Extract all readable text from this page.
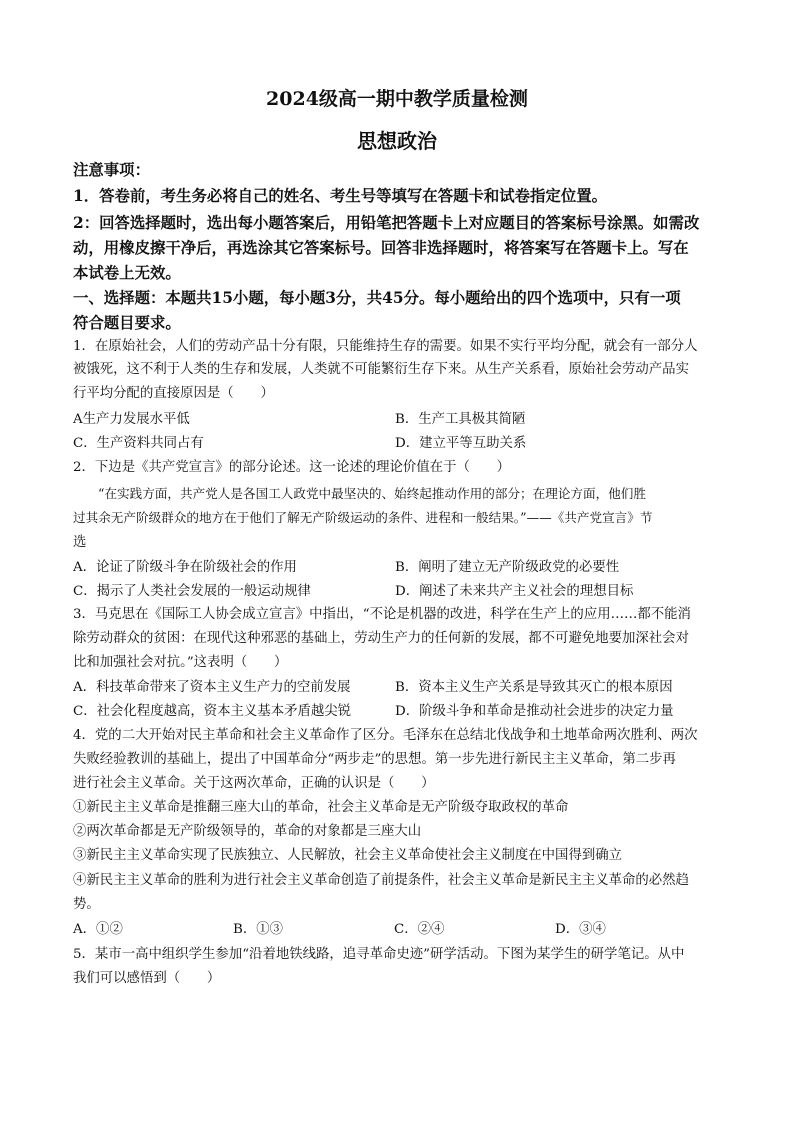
2024级高一期中教学质量检测
思想政治
注意事项：
1．答卷前，考生务必将自己的姓名、考生号等填写在答题卡和试卷指定位置。
2：回答选择题时，选出每小题答案后，用铅笔把答题卡上对应题目的答案标号涂黑。如需改
动，用橡皮擦干净后，再选涂其它答案标号。回答非选择题时，将答案写在答题卡上。写在
本试卷上无效。
一、选择题：本题共15小题，每小题3分，共45分。每小题给出的四个选项中，只有一项
符合题目要求。
1．在原始社会，人们的劳动产品十分有限，只能维持生存的需要。如果不实行平均分配，就会有一部分人
被饿死，这不利于人类的生存和发展，人类就不可能繁衍生存下来。从生产关系看，原始社会劳动产品实
行平均分配的直接原因是（　　）
A生产力发展水平低	B．生产工具极其简陋
C．生产资料共同占有	D．建立平等互助关系
2．下边是《共产党宣言》的部分论述。这一论述的理论价值在于（　　）
“在实践方面，共产党人是各国工人政党中最坚决的、始终起推动作用的部分；在理论方面，他们胜
过其余无产阶级群众的地方在于他们了解无产阶级运动的条件、进程和一般结果。”——《共产党宣言》节
选
A．论证了阶级斗争在阶级社会的作用	B．阐明了建立无产阶级政党的必要性
C．揭示了人类社会发展的一般运动规律	D．阐述了未来共产主义社会的理想目标
3．马克思在《国际工人协会成立宣言》中指出，“不论是机器的改进，科学在生产上的应用……都不能消
除劳动群众的贫困：在现代这种邪恶的基础上，劳动生产力的任何新的发展，都不可避免地要加深社会对
比和加强社会对抗。”这表明（　　）
A．科技革命带来了资本主义生产力的空前发展	B．资本主义生产关系是导致其灭亡的根本原因
C．社会化程度越高，资本主义基本矛盾越尖锐	D．阶级斗争和革命是推动社会进步的决定力量
4．党的二大开始对民主革命和社会主义革命作了区分。毛泽东在总结北伐战争和土地革命两次胜利、两次
失败经验教训的基础上，提出了中国革命分“两步走”的思想。第一步先进行新民主主义革命，第二步再
进行社会主义革命。关于这两次革命，正确的认识是（　　）
①新民主主义革命是推翻三座大山的革命，社会主义革命是无产阶级夺取政权的革命
②两次革命都是无产阶级领导的，革命的对象都是三座大山
③新民主主义革命实现了民族独立、人民解放，社会主义革命使社会主义制度在中国得到确立
④新民主主义革命的胜利为进行社会主义革命创造了前提条件，社会主义革命是新民主主义革命的必然趋
势。
A．①②	B．①③	C．②④	D．③④
5．某市一高中组织学生参加“沿着地铁线路，追寻革命史迹”研学活动。下图为某学生的研学笔记。从中
我们可以感悟到（　　）
